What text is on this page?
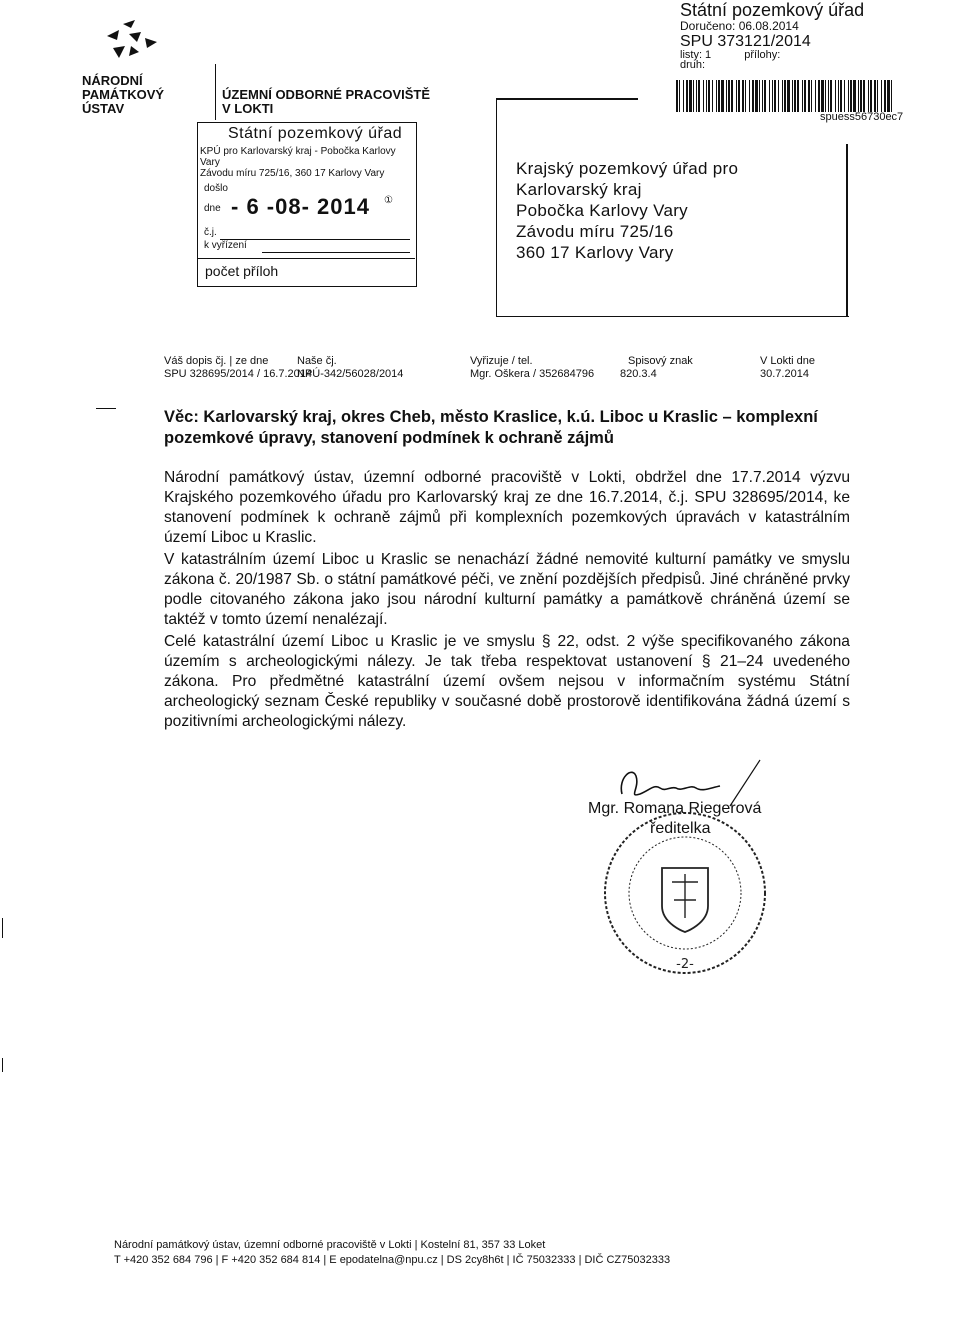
NÁRODNÍ
PAMÁTKOVÝ
ÚSTAV
ÚZEMNÍ ODBORNÉ PRACOVIŠTĚ
V LOKTI
Státní pozemkový úřad
KPÚ pro Karlovarský kraj - Pobočka Karlovy Vary
Závodu míru 725/16, 360 17 Karlovy Vary
došlo
dne - 6 -08- 2014 ①
č.j.
k vyřízení
počet příloh
Státní pozemkový úřad
Doručeno: 06.08.2014
SPU 373121/2014
listy: 1	přílohy:
druh:
spuess56730ec7
Krajský pozemkový úřad pro
Karlovarský kraj
Pobočka Karlovy Vary
Závodu míru 725/16
360 17 Karlovy Vary
Váš dopis čj. | ze dne
SPU 328695/2014 / 16.7.2014
Naše čj.
NPÚ-342/56028/2014
Vyřizuje / tel.
Mgr. Oškera / 352684796
Spisový znak
820.3.4
V Lokti dne
30.7.2014
Věc: Karlovarský kraj, okres Cheb, město Kraslice, k.ú. Liboc u Kraslic – komplexní
pozemkové úpravy, stanovení podmínek k ochraně zájmů
Národní památkový ústav, územní odborné pracoviště v Lokti, obdržel dne 17.7.2014 výzvu Krajského pozemkového úřadu pro Karlovarský kraj ze dne 16.7.2014, č.j. SPU 328695/2014, ke stanovení podmínek k ochraně zájmů při komplexních pozemkových úpravách v katastrálním území Liboc u Kraslic.
V katastrálním území Liboc u Kraslic se nenachází žádné nemovité kulturní památky ve smyslu zákona č. 20/1987 Sb. o státní památkové péči, ve znění pozdějších předpisů. Jiné chráněné prvky podle citovaného zákona jako jsou národní kulturní památky a památkově chráněná území se taktéž v tomto území nenalézají.
Celé katastrální území Liboc u Kraslic je ve smyslu § 22, odst. 2 výše specifikovaného zákona územím s archeologickými nálezy. Je tak třeba respektovat ustanovení § 21–24 uvedeného zákona. Pro předmětné katastrální území ovšem nejsou v informačním systému Státní archeologický seznam České republiky v současné době prostorově identifikována žádná území s pozitivními archeologickými nálezy.
Mgr. Romana Riegerová
ředitelka
-2-
Národní památkový ústav, územní odborné pracoviště v Lokti | Kostelní 81, 357 33 Loket
T +420 352 684 796 | F +420 352 684 814 | E epodatelna@npu.cz | DS 2cy8h6t | IČ 75032333 | DIČ CZ75032333
